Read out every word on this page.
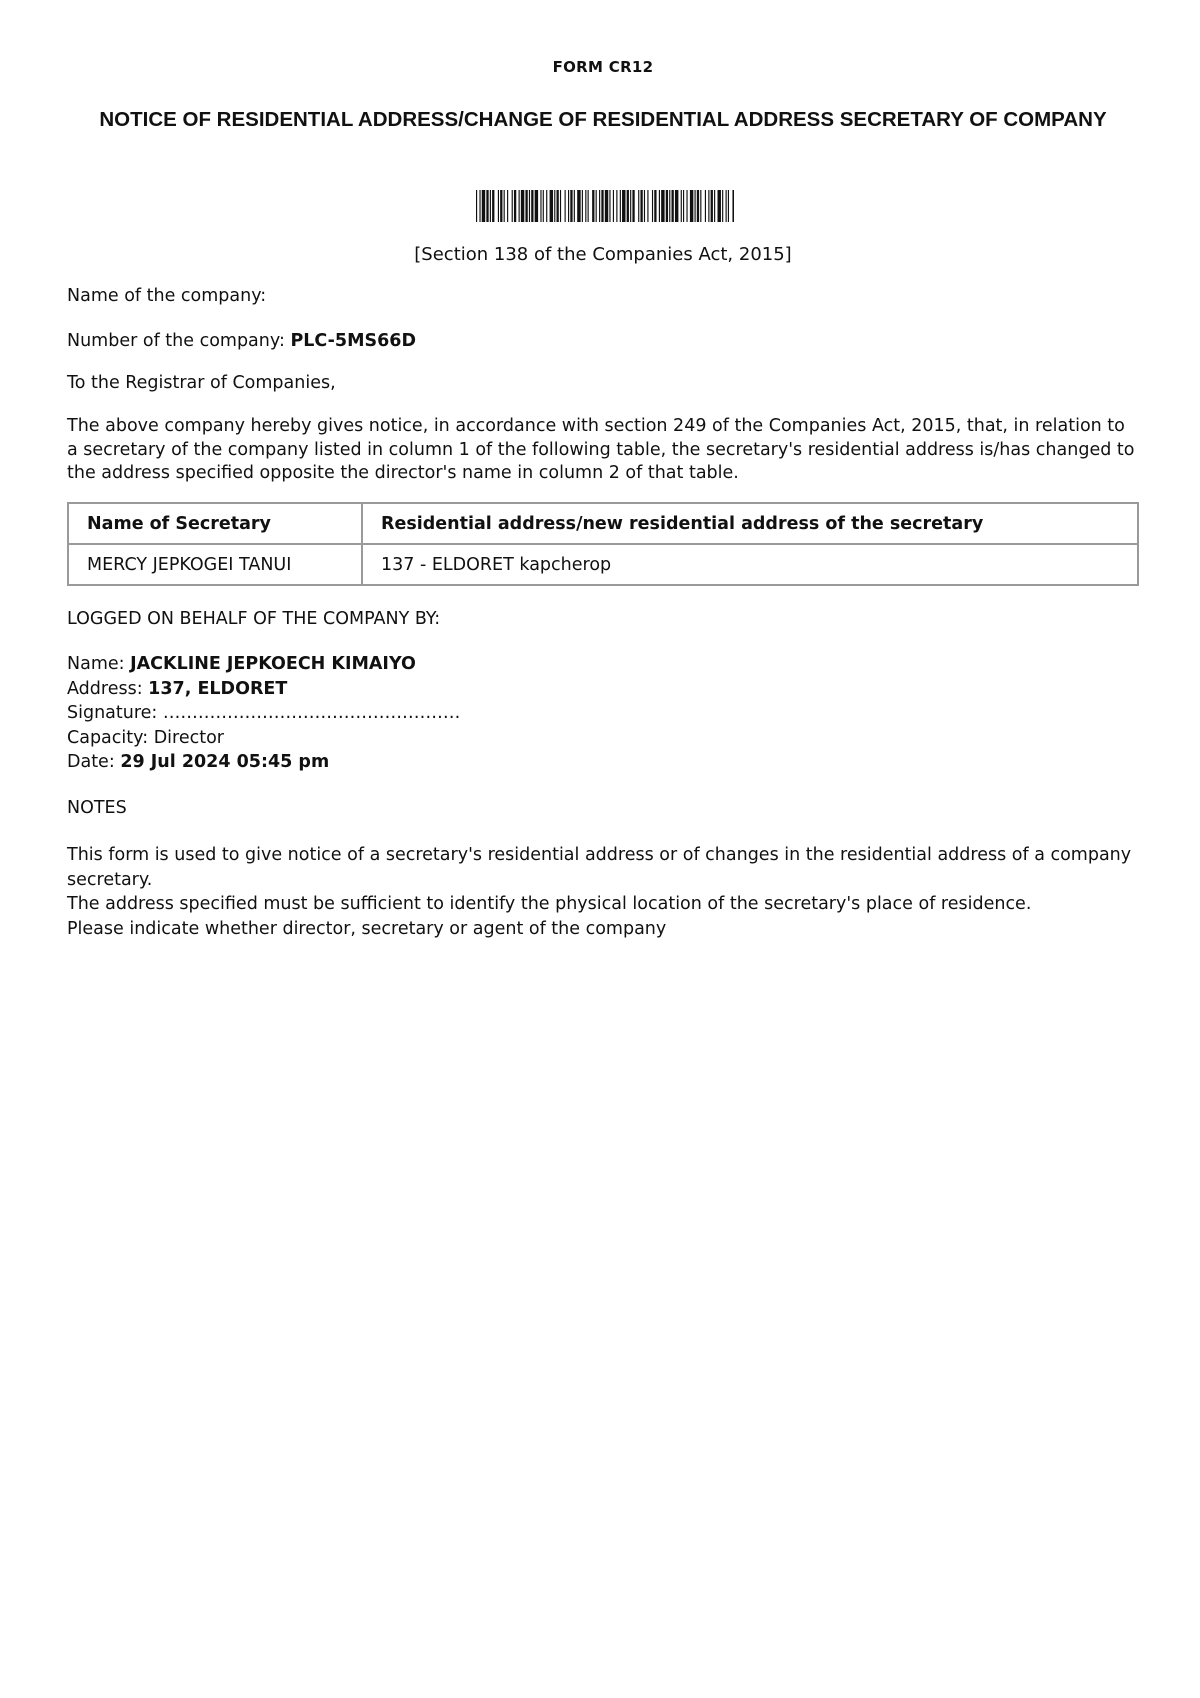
FORM CR12
NOTICE OF RESIDENTIAL ADDRESS/CHANGE OF RESIDENTIAL ADDRESS SECRETARY OF COMPANY
[Section 138 of the Companies Act, 2015]
Name of the company:
Number of the company: PLC-5MS66D
To the Registrar of Companies,
The above company hereby gives notice, in accordance with section 249 of the Companies Act, 2015, that, in relation to a secretary of the company listed in column 1 of the following table, the secretary's residential address is/has changed to the address specified opposite the director's name in column 2 of that table.
Name of Secretary	Residential address/new residential address of the secretary
MERCY JEPKOGEI TANUI	137 - ELDORET kapcherop
LOGGED ON BEHALF OF THE COMPANY BY:
Name: JACKLINE JEPKOECH KIMAIYO
Address: 137, ELDORET
Signature: ……………………………………………
Capacity: Director
Date: 29 Jul 2024 05:45 pm
NOTES
This form is used to give notice of a secretary's residential address or of changes in the residential address of a company secretary.
The address specified must be sufficient to identify the physical location of the secretary's place of residence.
Please indicate whether director, secretary or agent of the company
